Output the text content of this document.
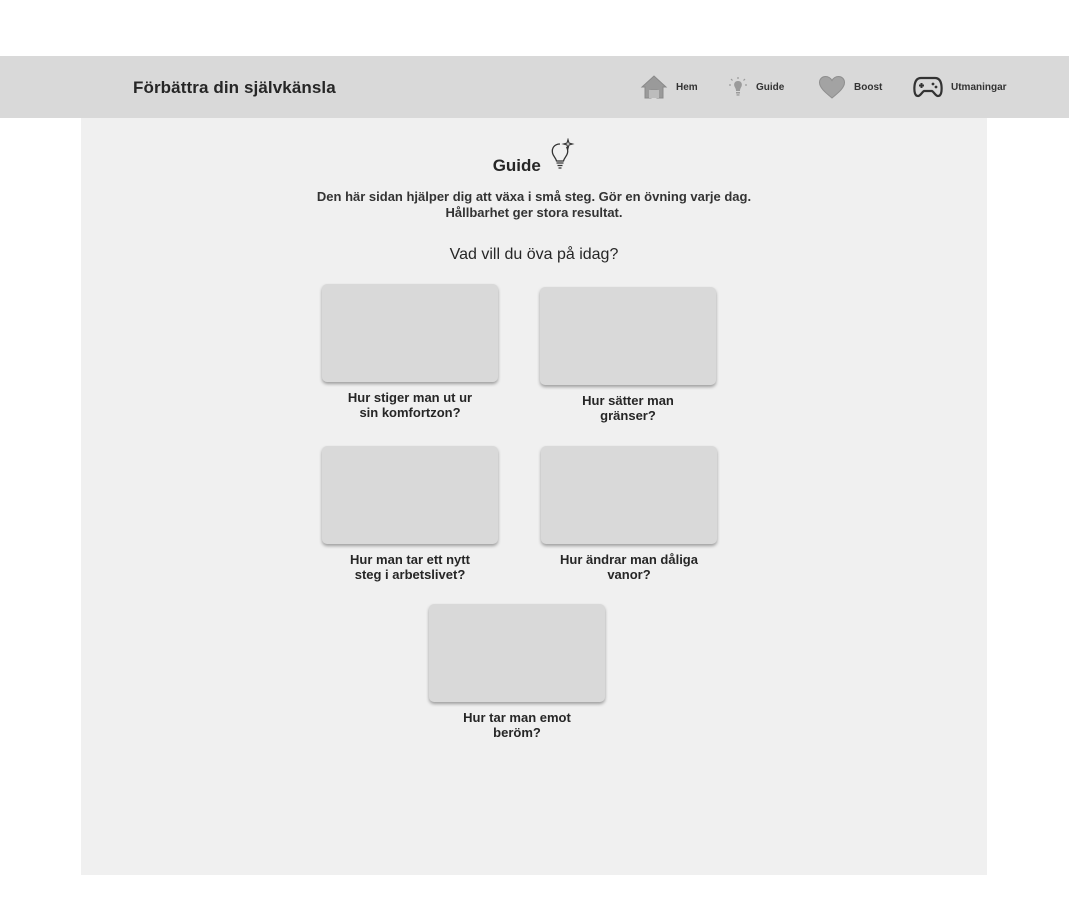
Förbättra din självkänsla	Hem	Guide	Boost	Utmaningar
Guide
Den här sidan hjälper dig att växa i små steg. Gör en övning varje dag.
Hållbarhet ger stora resultat.
Vad vill du öva på idag?
Hur stiger man ut ur
sin komfortzon?
Hur sätter man
gränser?
Hur man tar ett nytt
steg i arbetslivet?
Hur ändrar man dåliga
vanor?
Hur tar man emot
beröm?
